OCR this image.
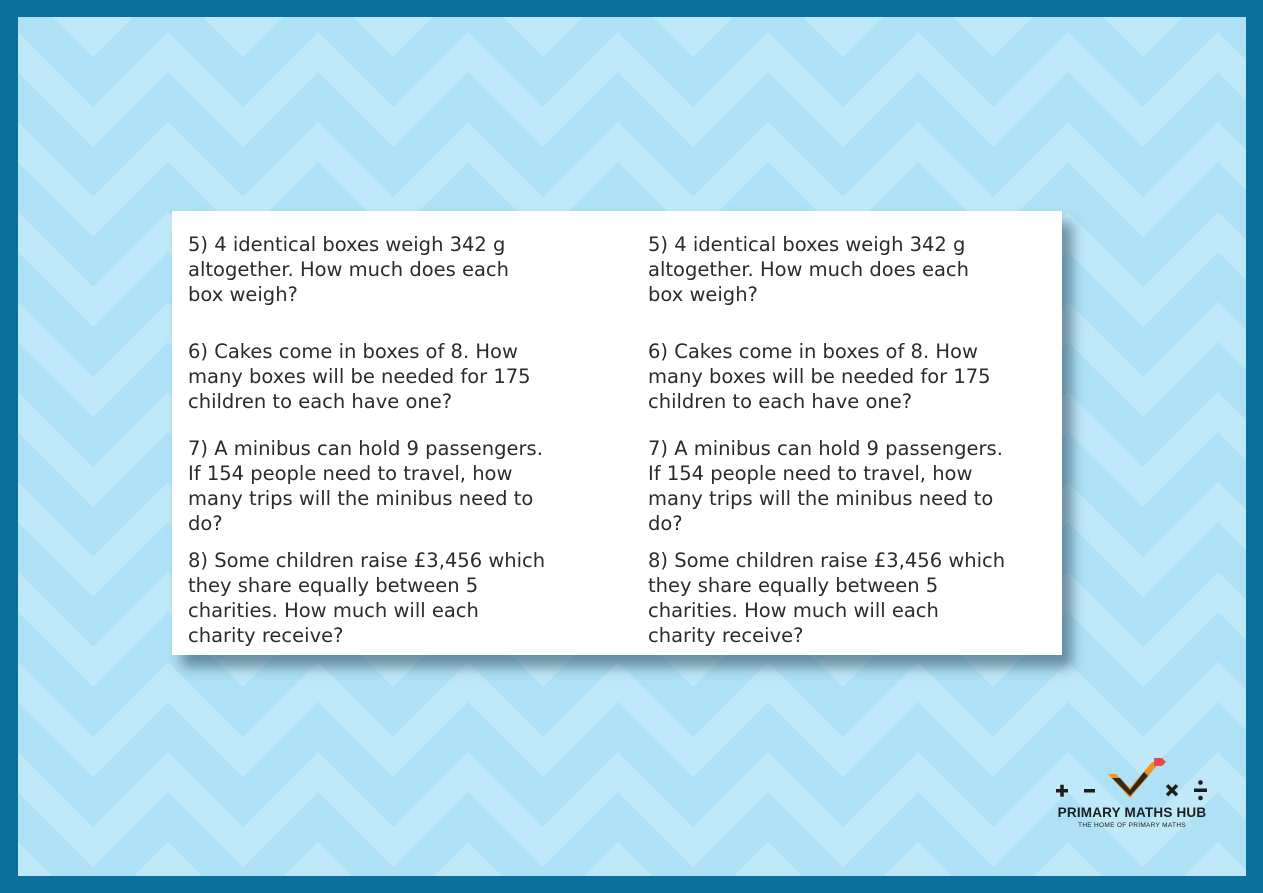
5) 4 identical boxes weigh 342 g
altogether. How much does each
box weigh?
6) Cakes come in boxes of 8. How
many boxes will be needed for 175
children to each have one?
7) A minibus can hold 9 passengers.
If 154 people need to travel, how
many trips will the minibus need to
do?
8) Some children raise £3,456 which
they share equally between 5
charities. How much will each
charity receive?
5) 4 identical boxes weigh 342 g
altogether. How much does each
box weigh?
6) Cakes come in boxes of 8. How
many boxes will be needed for 175
children to each have one?
7) A minibus can hold 9 passengers.
If 154 people need to travel, how
many trips will the minibus need to
do?
8) Some children raise £3,456 which
they share equally between 5
charities. How much will each
charity receive?
PRIMARY MATHS HUB
THE HOME OF PRIMARY MATHS
